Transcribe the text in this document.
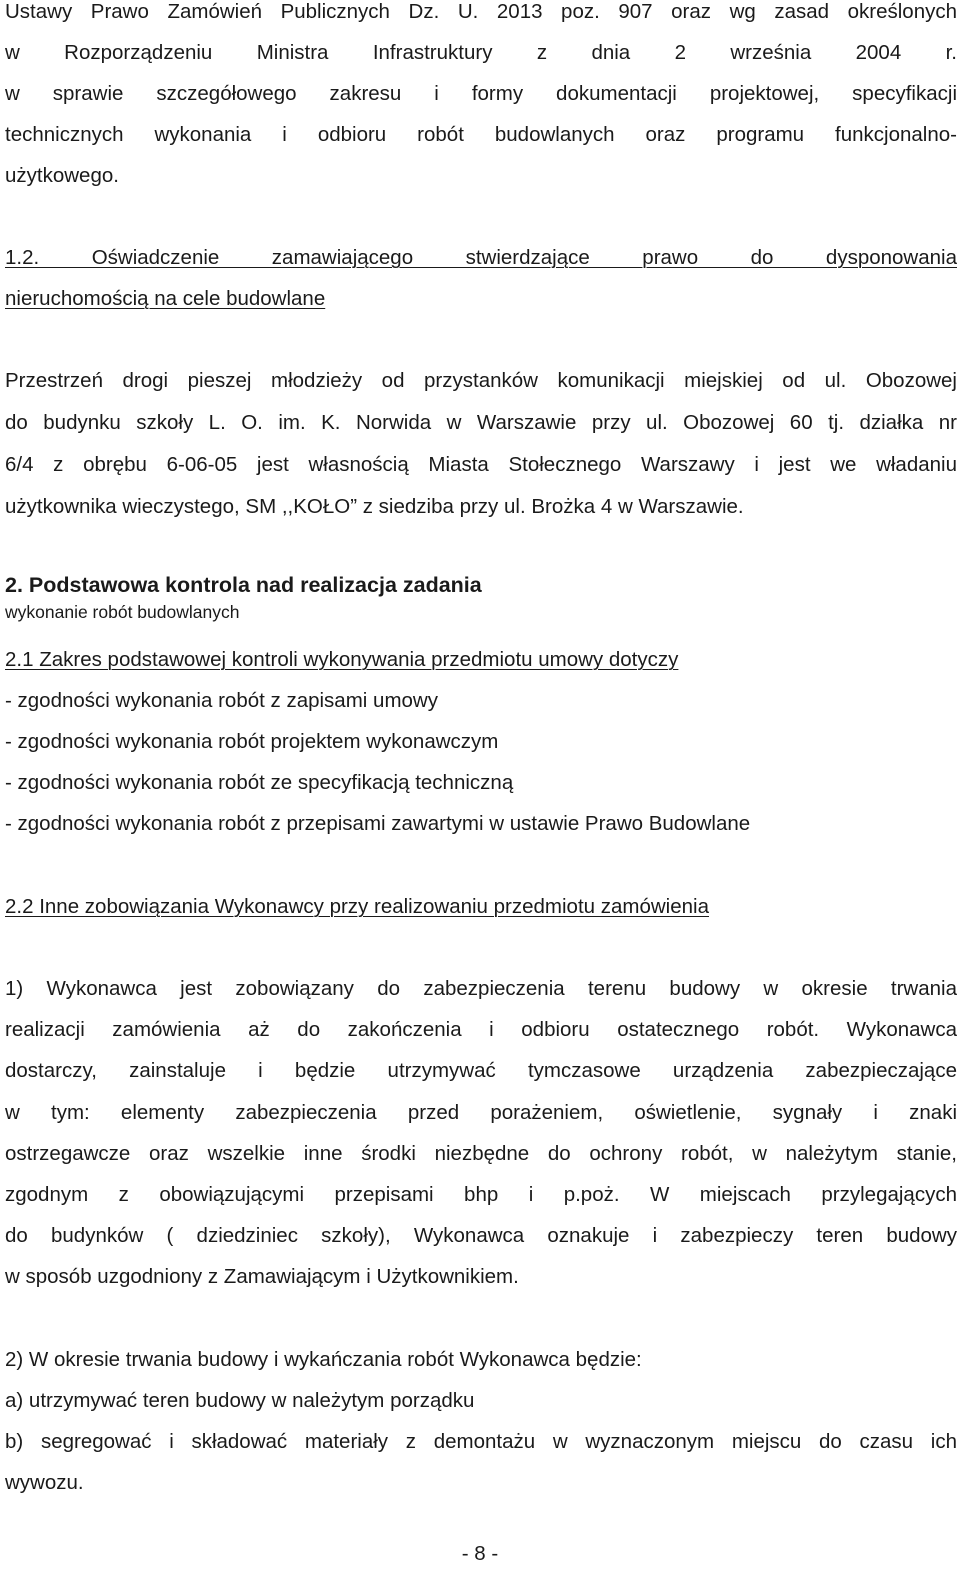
Ustawy Prawo Zamówień Publicznych Dz. U. 2013 poz. 907 oraz wg zasad określonych
w Rozporządzeniu Ministra Infrastruktury z dnia 2 września 2004 r.
w sprawie szczegółowego zakresu i formy dokumentacji projektowej, specyfikacji
technicznych wykonania i odbioru robót budowlanych oraz programu funkcjonalno-
użytkowego.
1.2. Oświadczenie zamawiającego stwierdzające prawo do dysponowania
nieruchomością na cele budowlane
Przestrzeń drogi pieszej młodzieży od przystanków komunikacji miejskiej od ul. Obozowej
do budynku szkoły L. O. im. K. Norwida w Warszawie przy ul. Obozowej 60 tj. działka nr
6/4 z obrębu 6-06-05 jest własnością Miasta Stołecznego Warszawy i jest we władaniu
użytkownika wieczystego, SM ,,KOŁO” z siedziba przy ul. Brożka 4 w Warszawie.
2. Podstawowa kontrola nad realizacja zadania
wykonanie robót budowlanych
2.1 Zakres podstawowej kontroli wykonywania przedmiotu umowy dotyczy
- zgodności wykonania robót z zapisami umowy
- zgodności wykonania robót projektem wykonawczym
- zgodności wykonania robót ze specyfikacją techniczną
- zgodności wykonania robót z przepisami zawartymi w ustawie Prawo Budowlane
2.2 Inne zobowiązania Wykonawcy przy realizowaniu przedmiotu zamówienia
1) Wykonawca jest zobowiązany do zabezpieczenia terenu budowy w okresie trwania
realizacji zamówienia aż do zakończenia i odbioru ostatecznego robót. Wykonawca
dostarczy, zainstaluje i będzie utrzymywać tymczasowe urządzenia zabezpieczające
w tym: elementy zabezpieczenia przed porażeniem, oświetlenie, sygnały i znaki
ostrzegawcze oraz wszelkie inne środki niezbędne do ochrony robót, w należytym stanie,
zgodnym z obowiązującymi przepisami bhp i p.poż. W miejscach przylegających
do budynków ( dziedziniec szkoły), Wykonawca oznakuje i zabezpieczy teren budowy
w sposób uzgodniony z Zamawiającym i Użytkownikiem.
2) W okresie trwania budowy i wykańczania robót Wykonawca będzie:
a) utrzymywać teren budowy w należytym porządku
b) segregować i składować materiały z demontażu w wyznaczonym miejscu do czasu ich
wywozu.
- 8 -
